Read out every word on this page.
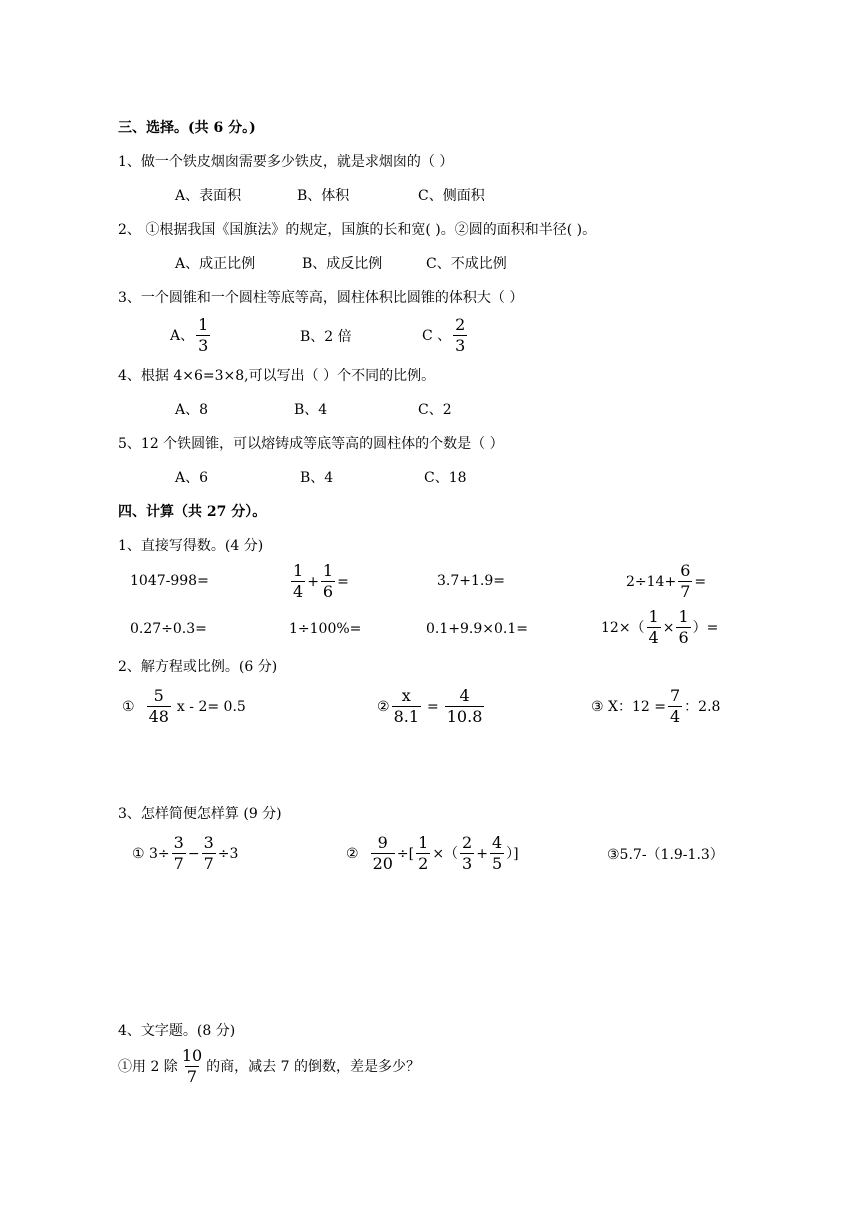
三、选择。(共 6 分。)
1、做一个铁皮烟囱需要多少铁皮，就是求烟囱的（ ）
A、表面积	B、体积	C、侧面积
2、 ①根据我国《国旗法》的规定，国旗的长和宽( )。②圆的面积和半径( )。
A、成正比例	B、成反比例	C、不成比例
3、一个圆锥和一个圆柱等底等高，圆柱体积比圆锥的体积大（ ）
A、 $\frac{1}{3}$	B、2 倍	C 、 $\frac{2}{3}$
4、根据 4×6=3×8,可以写出（ ）个不同的比例。
A、8	B、4	C、2
5、12 个铁圆锥，可以熔铸成等底等高的圆柱体的个数是（ ）
A、6	B、4	C、18
四、计算（共 27 分）。
1、直接写得数。(4 分)
1047-998=	$\frac{1}{4} + \frac{1}{6}$ =	3.7+1.9=	$2\div 14+ \frac{6}{7}$ =
0.27÷0.3=	1÷100%=	0.1+9.9×0.1=	$12\times( \frac{1}{4} \times \frac{1}{6}$ ）=
2、解方程或比例。(6 分)
① $\frac{5}{48}$ x - 2= 0.5	② $\frac{x}{8.1} = \frac{4}{10.8}$	③ X：$12 = \frac{7}{4}$ ：2.8
3、怎样简便怎样算 (9 分)
① $3\div \frac{3}{7} - \frac{3}{7} \div 3$	② $\frac{9}{20}$ ÷[ $\frac{1}{2}$ ×（ $\frac{2}{3} + \frac{4}{5}$ ）]	③5.7-（1.9-1.3）
4、文字题。(8 分)
①用 2 除 $\frac{10}{7}$ 的商，减去 7 的倒数，差是多少？
